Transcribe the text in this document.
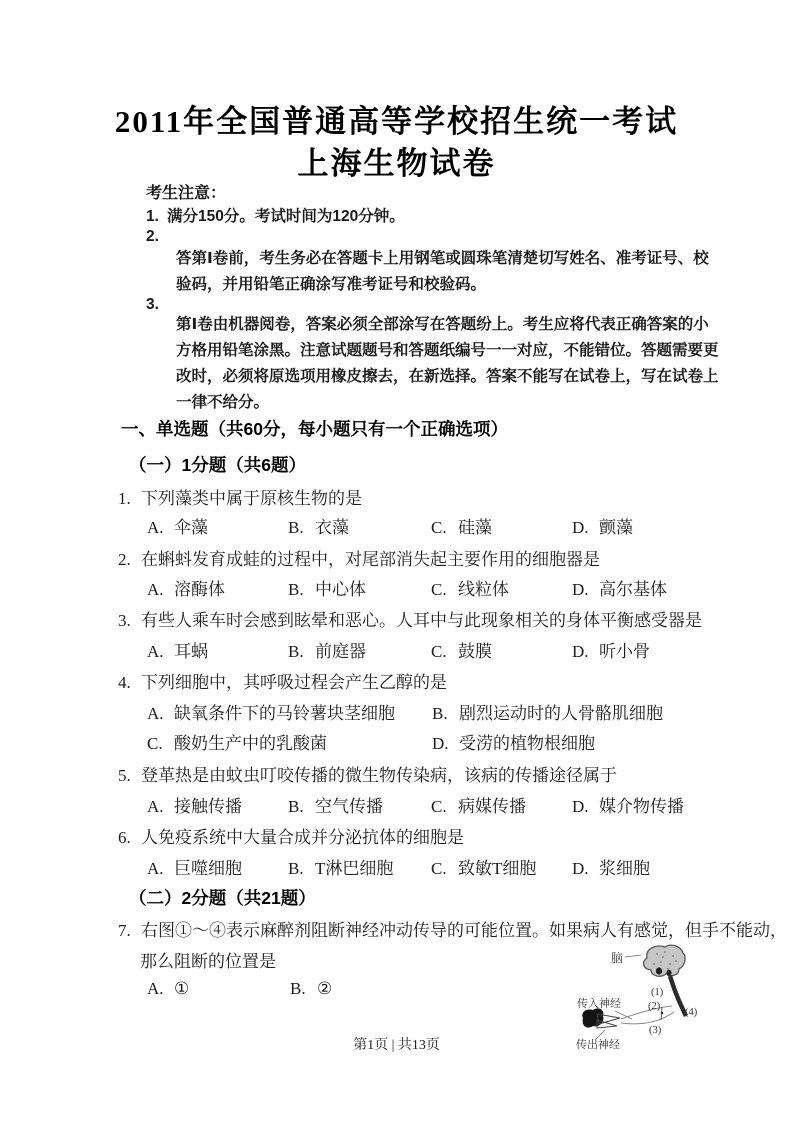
2011年全国普通高等学校招生统一考试
上海生物试卷
考生注意：
1. 满分150分。考试时间为120分钟。
2.
答第Ⅰ卷前，考生务必在答题卡上用钢笔或圆珠笔清楚切写姓名、准考证号、校
验码，并用铅笔正确涂写准考证号和校验码。
3.
第Ⅰ卷由机器阅卷，答案必须全部涂写在答题纷上。考生应将代表正确答案的小
方格用铅笔涂黑。注意试题题号和答题纸编号一一对应，不能错位。答题需要更
改时，必须将原选项用橡皮擦去，在新选择。答案不能写在试卷上，写在试卷上
一律不给分。
一、单选题（共60分，每小题只有一个正确选项）
（一）1分题（共6题）
1. 下列藻类中属于原核生物的是
A. 伞藻	B. 衣藻	C. 硅藻	D. 颤藻
2. 在蝌蚪发育成蛙的过程中，对尾部消失起主要作用的细胞器是
A. 溶酶体	B. 中心体	C. 线粒体	D. 高尔基体
3. 有些人乘车时会感到眩晕和恶心。人耳中与此现象相关的身体平衡感受器是
A. 耳蜗	B. 前庭器	C. 鼓膜	D. 听小骨
4. 下列细胞中，其呼吸过程会产生乙醇的是
A. 缺氧条件下的马铃薯块茎细胞 B. 剧烈运动时的人骨骼肌细胞
C. 酸奶生产中的乳酸菌	D. 受涝的植物根细胞
5. 登革热是由蚊虫叮咬传播的微生物传染病，该病的传播途径属于
A. 接触传播	B. 空气传播	C. 病媒传播	D. 媒介物传播
6. 人免疫系统中大量合成并分泌抗体的细胞是
A. 巨噬细胞	B. T淋巴细胞 C. 致敏T细胞 D. 浆细胞
（二）2分题（共21题）
7. 右图①～④表示麻醉剂阻断神经冲动传导的可能位置。如果病人有感觉，但手不能动，
那么阻断的位置是
A. ①	B. ②
脑
(1)
(2)
(3)
(4)
传入神经
传出神经
第1页 | 共13页
